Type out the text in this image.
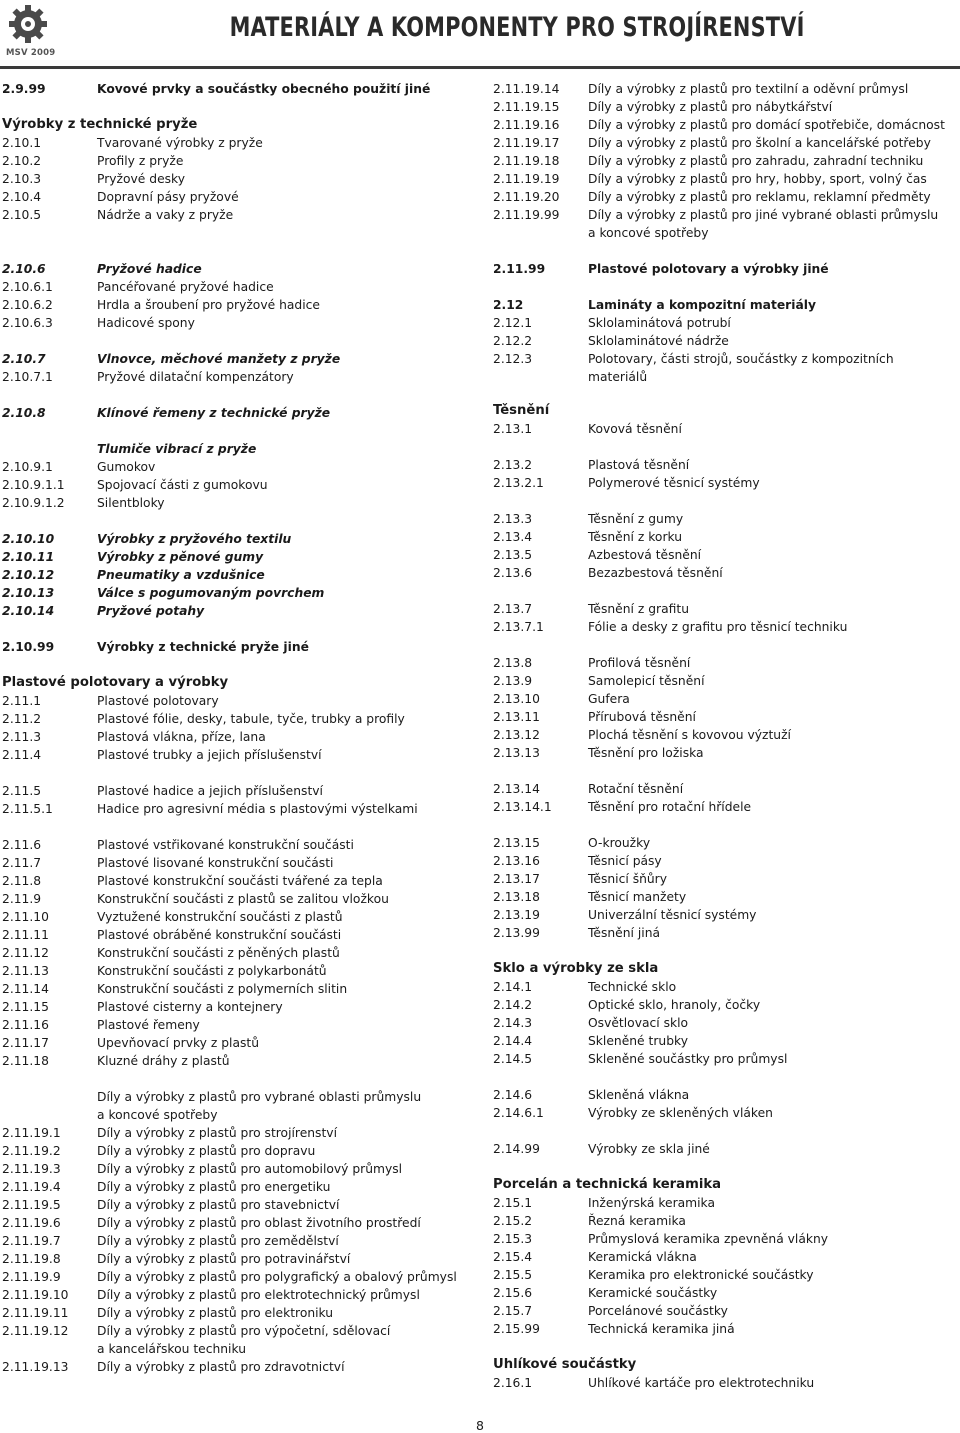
MSV 2009
MATERIÁLY A KOMPONENTY PRO STROJÍRENSTVÍ
2.9.99	Kovové prvky a součástky obecného použití jiné
Výrobky z technické pryže
2.10.1	Tvarované výrobky z pryže
2.10.2	Profily z pryže
2.10.3	Pryžové desky
2.10.4	Dopravní pásy pryžové
2.10.5	Nádrže a vaky z pryže
2.10.6	Pryžové hadice
2.10.6.1	Pancéřované pryžové hadice
2.10.6.2	Hrdla a šroubení pro pryžové hadice
2.10.6.3	Hadicové spony
2.10.7	Vlnovce, měchové manžety z pryže
2.10.7.1	Pryžové dilatační kompenzátory
2.10.8	Klínové řemeny z technické pryže
Tlumiče vibrací z pryže
2.10.9.1	Gumokov
2.10.9.1.1	Spojovací části z gumokovu
2.10.9.1.2	Silentbloky
2.10.10	Výrobky z pryžového textilu
2.10.11	Výrobky z pěnové gumy
2.10.12	Pneumatiky a vzdušnice
2.10.13	Válce s pogumovaným povrchem
2.10.14	Pryžové potahy
2.10.99	Výrobky z technické pryže jiné
Plastové polotovary a výrobky
2.11.1	Plastové polotovary
2.11.2	Plastové fólie, desky, tabule, tyče, trubky a profily
2.11.3	Plastová vlákna, příze, lana
2.11.4	Plastové trubky a jejich příslušenství
2.11.5	Plastové hadice a jejich příslušenství
2.11.5.1	Hadice pro agresivní média s plastovými výstelkami
2.11.6	Plastové vstřikované konstrukční součásti
2.11.7	Plastové lisované konstrukční součásti
2.11.8	Plastové konstrukční součásti tvářené za tepla
2.11.9	Konstrukční součásti z plastů se zalitou vložkou
2.11.10	Vyztužené konstrukční součásti z plastů
2.11.11	Plastové obráběné konstrukční součásti
2.11.12	Konstrukční součásti z pěněných plastů
2.11.13	Konstrukční součásti z polykarbonátů
2.11.14	Konstrukční součásti z polymerních slitin
2.11.15	Plastové cisterny a kontejnery
2.11.16	Plastové řemeny
2.11.17	Upevňovací prvky z plastů
2.11.18	Kluzné dráhy z plastů
Díly a výrobky z plastů pro vybrané oblasti průmyslu
a koncové spotřeby
2.11.19.1	Díly a výrobky z plastů pro strojírenství
2.11.19.2	Díly a výrobky z plastů pro dopravu
2.11.19.3	Díly a výrobky z plastů pro automobilový průmysl
2.11.19.4	Díly a výrobky z plastů pro energetiku
2.11.19.5	Díly a výrobky z plastů pro stavebnictví
2.11.19.6	Díly a výrobky z plastů pro oblast životního prostředí
2.11.19.7	Díly a výrobky z plastů pro zemědělství
2.11.19.8	Díly a výrobky z plastů pro potravinářství
2.11.19.9	Díly a výrobky z plastů pro polygrafický a obalový průmysl
2.11.19.10	Díly a výrobky z plastů pro elektrotechnický průmysl
2.11.19.11	Díly a výrobky z plastů pro elektroniku
2.11.19.12	Díly a výrobky z plastů pro výpočetní, sdělovací
a kancelářskou techniku
2.11.19.13	Díly a výrobky z plastů pro zdravotnictví
2.11.19.14	Díly a výrobky z plastů pro textilní a oděvní průmysl
2.11.19.15	Díly a výrobky z plastů pro nábytkářství
2.11.19.16	Díly a výrobky z plastů pro domácí spotřebiče, domácnost
2.11.19.17	Díly a výrobky z plastů pro školní a kancelářské potřeby
2.11.19.18	Díly a výrobky z plastů pro zahradu, zahradní techniku
2.11.19.19	Díly a výrobky z plastů pro hry, hobby, sport, volný čas
2.11.19.20	Díly a výrobky z plastů pro reklamu, reklamní předměty
2.11.19.99	Díly a výrobky z plastů pro jiné vybrané oblasti průmyslu
a koncové spotřeby
2.11.99	Plastové polotovary a výrobky jiné
2.12	Lamináty a kompozitní materiály
2.12.1	Sklolaminátová potrubí
2.12.2	Sklolaminátové nádrže
2.12.3	Polotovary, části strojů, součástky z kompozitních materiálů
Těsnění
2.13.1	Kovová těsnění
2.13.2	Plastová těsnění
2.13.2.1	Polymerové těsnicí systémy
2.13.3	Těsnění z gumy
2.13.4	Těsnění z korku
2.13.5	Azbestová těsnění
2.13.6	Bezazbestová těsnění
2.13.7	Těsnění z grafitu
2.13.7.1	Fólie a desky z grafitu pro těsnicí techniku
2.13.8	Profilová těsnění
2.13.9	Samolepicí těsnění
2.13.10	Gufera
2.13.11	Přírubová těsnění
2.13.12	Plochá těsnění s kovovou výztuží
2.13.13	Těsnění pro ložiska
2.13.14	Rotační těsnění
2.13.14.1	Těsnění pro rotační hřídele
2.13.15	O-kroužky
2.13.16	Těsnicí pásy
2.13.17	Těsnicí šňůry
2.13.18	Těsnicí manžety
2.13.19	Univerzální těsnicí systémy
2.13.99	Těsnění jiná
Sklo a výrobky ze skla
2.14.1	Technické sklo
2.14.2	Optické sklo, hranoly, čočky
2.14.3	Osvětlovací sklo
2.14.4	Skleněné trubky
2.14.5	Skleněné součástky pro průmysl
2.14.6	Skleněná vlákna
2.14.6.1	Výrobky ze skleněných vláken
2.14.99	Výrobky ze skla jiné
Porcelán a technická keramika
2.15.1	Inženýrská keramika
2.15.2	Řezná keramika
2.15.3	Průmyslová keramika zpevněná vlákny
2.15.4	Keramická vlákna
2.15.5	Keramika pro elektronické součástky
2.15.6	Keramické součástky
2.15.7	Porcelánové součástky
2.15.99	Technická keramika jiná
Uhlíkové součástky
2.16.1	Uhlíkové kartáče pro elektrotechniku
8
